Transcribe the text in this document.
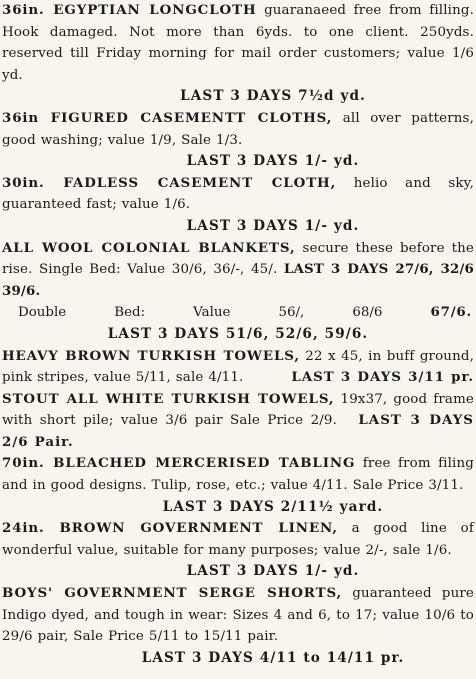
36in. EGYPTIAN LONGCLOTH guaranaeed free from filling. Hook damaged. Not more than 6yds. to one client. 250yds. reserved till Friday morning for mail order customers; value 1/6 yd.
LAST 3 DAYS 7½d yd.
36in FIGURED CASEMENTT CLOTHS, all over patterns, good washing; value 1/9, Sale 1/3.
LAST 3 DAYS 1/- yd.
30in. FADLESS CASEMENT CLOTH, helio and sky, guaranteed fast; value 1/6.
LAST 3 DAYS 1/- yd.
ALL WOOL COLONIAL BLANKETS, secure these before the rise. Single Bed: Value 30/6, 36/-, 45/. LAST 3 DAYS 27/6, 32/6 39/6.
Double	Bed:	Value	56/,	68/6	67/6.
LAST 3 DAYS 51/6, 52/6, 59/6.
HEAVY BROWN TURKISH TOWELS, 22 x 45, in buff ground, pink stripes, value 5/11, sale 4/11.	LAST 3 DAYS 3/11 pr.
STOUT ALL WHITE TURKISH TOWELS, 19x37, good frame with short pile; value 3/6 pair Sale Price 2/9. LAST 3 DAYS 2/6 Pair.
70in. BLEACHED MERCERISED TABLING free from filing and in good designs. Tulip, rose, etc.; value 4/11. Sale Price 3/11.
LAST 3 DAYS 2/11½ yard.
24in. BROWN GOVERNMENT LINEN, a good line of wonderful value, suitable for many purposes; value 2/-, sale 1/6.
LAST 3 DAYS 1/- yd.
BOYS' GOVERNMENT SERGE SHORTS, guaranteed pure Indigo dyed, and tough in wear: Sizes 4 and 6, to 17; value 10/6 to 29/6 pair, Sale Price 5/11 to 15/11 pair.
LAST 3 DAYS 4/11 to 14/11 pr.
